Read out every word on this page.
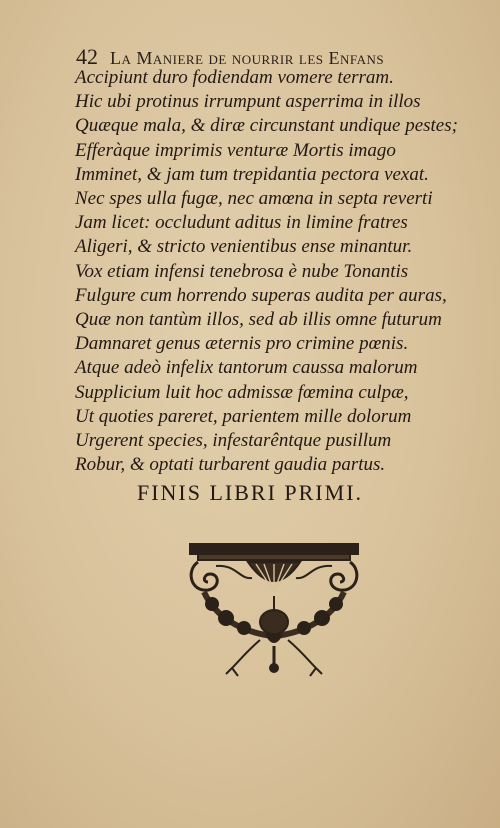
42 La Maniere de nourrir les Enfans
Accipiunt duro fodiendam vomere terram.
Hic ubi protinus irrumpunt asperrima in illos
Quæque mala, & diræ circunstant undique pestes;
Efferàque imprimis venturæ Mortis imago
Imminet, & jam tum trepidantia pectora vexat.
Nec spes ulla fugæ, nec amœna in septa reverti
Jam licet: occludunt aditus in limine fratres
Aligeri, & stricto venientibus ense minantur.
Vox etiam infensi tenebrosa è nube Tonantis
Fulgure cum horrendo superas audita per auras,
Quæ non tantùm illos, sed ab illis omne futurum
Damnaret genus æternis pro crimine pœnis.
Atque adeò infelix tantorum caussa malorum
Supplicium luit hoc admissæ fœmina culpæ,
Ut quoties pareret, parientem mille dolorum
Urgerent species, infestarêntque pusillum
Robur, & optati turbarent gaudia partus.
FINIS LIBRI PRIMI.
